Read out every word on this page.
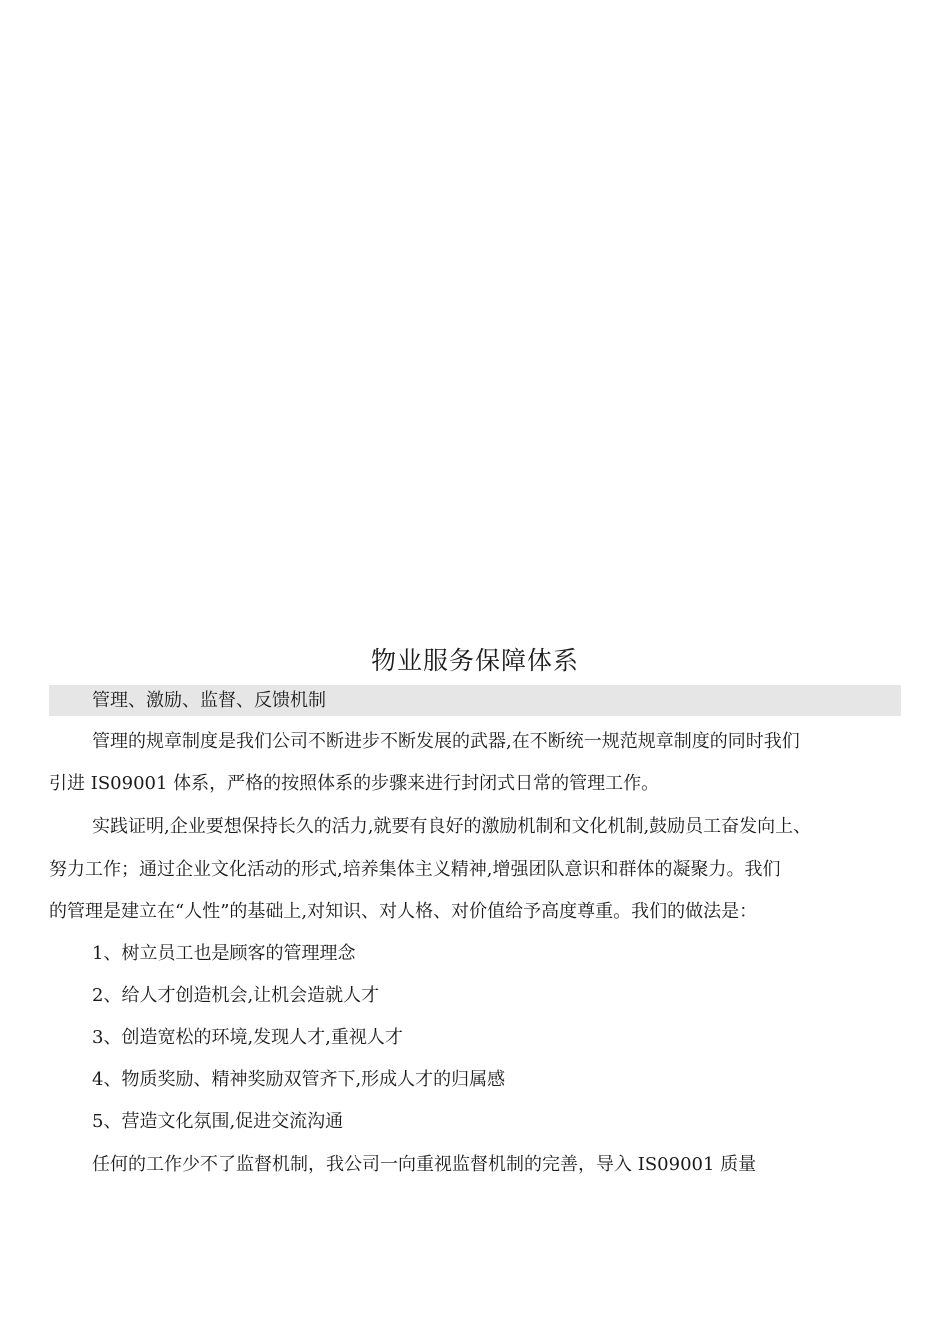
物业服务保障体系
管理、激励、监督、反馈机制
管理的规章制度是我们公司不断进步不断发展的武器,在不断统一规范规章制度的同时我们
引进 IS09001 体系，严格的按照体系的步骤来进行封闭式日常的管理工作。
实践证明,企业要想保持长久的活力,就要有良好的激励机制和文化机制,鼓励员工奋发向上、
努力工作；通过企业文化活动的形式,培养集体主义精神,增强团队意识和群体的凝聚力。我们
的管理是建立在“人性”的基础上,对知识、对人格、对价值给予高度尊重。我们的做法是：
1、树立员工也是顾客的管理理念
2、给人才创造机会,让机会造就人才
3、创造宽松的环境,发现人才,重视人才
4、物质奖励、精神奖励双管齐下,形成人才的归属感
5、营造文化氛围,促进交流沟通
任何的工作少不了监督机制，我公司一向重视监督机制的完善，导入 IS09001 质量
